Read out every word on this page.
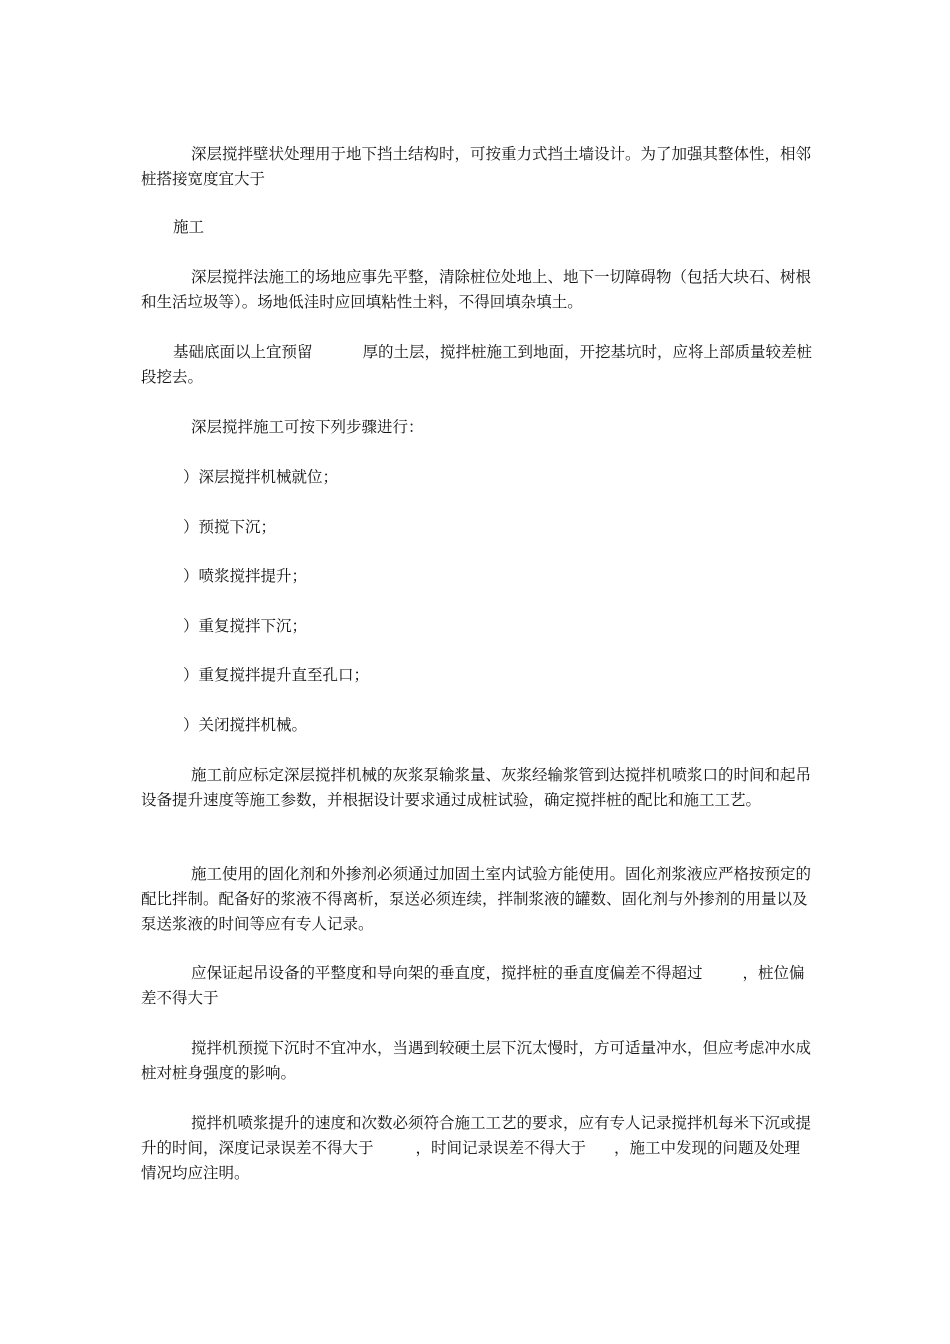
深层搅拌壁状处理用于地下挡土结构时，可按重力式挡土墙设计。为了加强其整体性，相邻桩搭接宽度宜大于

施工

深层搅拌法施工的场地应事先平整，清除桩位处地上、地下一切障碍物（包括大块石、树根和生活垃圾等）。场地低洼时应回填粘性土料，不得回填杂填土。

基础底面以上宜预留	厚的土层，搅拌桩施工到地面，开挖基坑时，应将上部质量较差桩段挖去。

深层搅拌施工可按下列步骤进行：

）深层搅拌机械就位；

）预搅下沉；

）喷浆搅拌提升；

）重复搅拌下沉；

）重复搅拌提升直至孔口；

）关闭搅拌机械。

施工前应标定深层搅拌机械的灰浆泵输浆量、灰浆经输浆管到达搅拌机喷浆口的时间和起吊设备提升速度等施工参数，并根据设计要求通过成桩试验，确定搅拌桩的配比和施工工艺。

施工使用的固化剂和外掺剂必须通过加固土室内试验方能使用。固化剂浆液应严格按预定的配比拌制。配备好的浆液不得离析，泵送必须连续，拌制浆液的罐数、固化剂与外掺剂的用量以及泵送浆液的时间等应有专人记录。

应保证起吊设备的平整度和导向架的垂直度，搅拌桩的垂直度偏差不得超过	，桩位偏差不得大于

搅拌机预搅下沉时不宜冲水，当遇到较硬土层下沉太慢时，方可适量冲水，但应考虑冲水成桩对桩身强度的影响。

搅拌机喷浆提升的速度和次数必须符合施工工艺的要求，应有专人记录搅拌机每米下沉或提升的时间，深度记录误差不得大于	，时间记录误差不得大于 ，施工中发现的问题及处理情况均应注明。
